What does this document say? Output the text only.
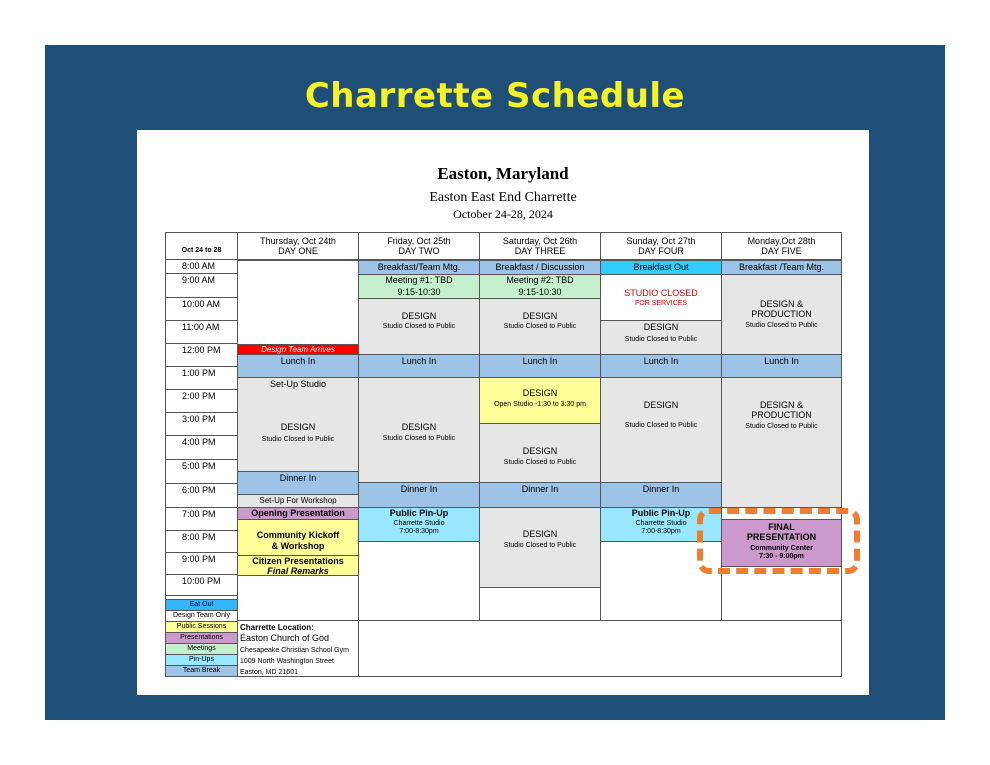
Charrette Schedule
Easton, Maryland
Easton East End Charrette
October 24-28, 2024
Oct 24 to 28
Thursday, Oct 24th
DAY ONE
Friday, Oct 25th
DAY TWO
Saturday, Oct 26th
DAY THREE
Sunday, Oct 27th
DAY FOUR
Monday,Oct 28th
DAY FIVE
8:00 AM
9:00 AM
10:00 AM
11:00 AM
12:00 PM
1:00 PM
2:00 PM
3:00 PM
4:00 PM
5:00 PM
6:00 PM
7:00 PM
8:00 PM
9:00 PM
10:00 PM
Design Team Arrives
Lunch In
Set-Up Studio
DESIGN
Studio Closed to Public
Dinner In
Set-Up For Workshop
Opening Presentation
Community Kickoff
& Workshop
Citizen Presentations
Final Remarks
Breakfast/Team Mtg.
Meeting #1: TBD
9:15-10:30
DESIGN
Studio Closed to Public
Lunch In
DESIGN
Studio Closed to Public
Dinner In
Public Pin-Up
Charrette Studio
7:00-8:30pm
Breakfast / Discussion
Meeting #2: TBD
9:15-10:30
DESIGN
Studio Closed to Public
Lunch In
DESIGN
Open Studio -1:30 to 3:30 pm
DESIGN
Studio Closed to Public
Dinner In
DESIGN
Studio Closed to Public
Breakfast Out
STUDIO CLOSED
FOR SERVICES
DESIGN
Studio Closed to Public
Lunch In
DESIGN
Studio Closed to Public
Dinner In
Public Pin-Up
Charrette Studio
7:00-8:30pm
Breakfast /Team Mtg.
DESIGN &
PRODUCTION
Studio Closed to Public
Lunch In
DESIGN &
PRODUCTION
Studio Closed to Public
FINAL
PRESENTATION
Community Center
7:30 - 9:00pm
Eat Out
Design Team Only
Public Sessions
Presentations
Meetings
Pin-Ups
Team Break
Charrette Location:
Easton Church of God
Chesapeake Christian School Gym
1009 North Washington Street
Easton, MD 21601
